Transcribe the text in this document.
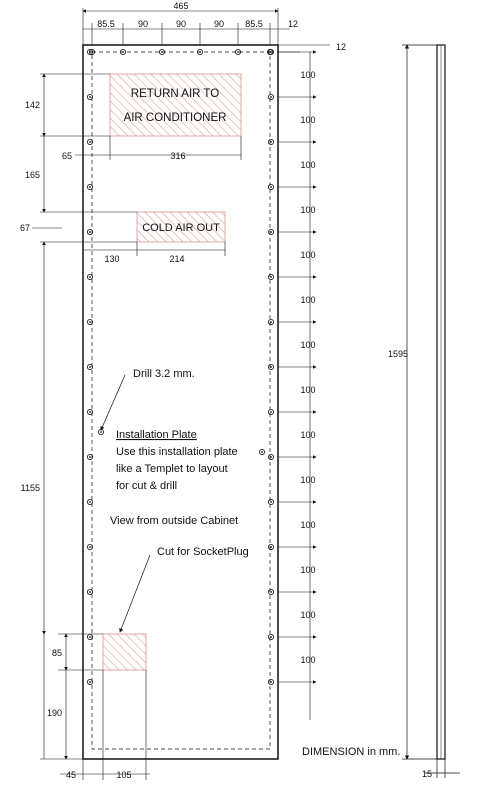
465
85.5	90	90	90 85.5	12
12
142
65	316
165
67
130	214
1155
85
190
45	105
RETURN AIR TO
AIR CONDITIONER
COLD AIR OUT
Drill 3.2 mm.
Installation Plate
Use this installation plate
like a Templet to layout
for cut & drill
View from outside Cabinet
Cut for SocketPlug
1595
15
DIMENSION in mm.
100
100
100
100
100
100
100
100
100
100
100
100
100
100
